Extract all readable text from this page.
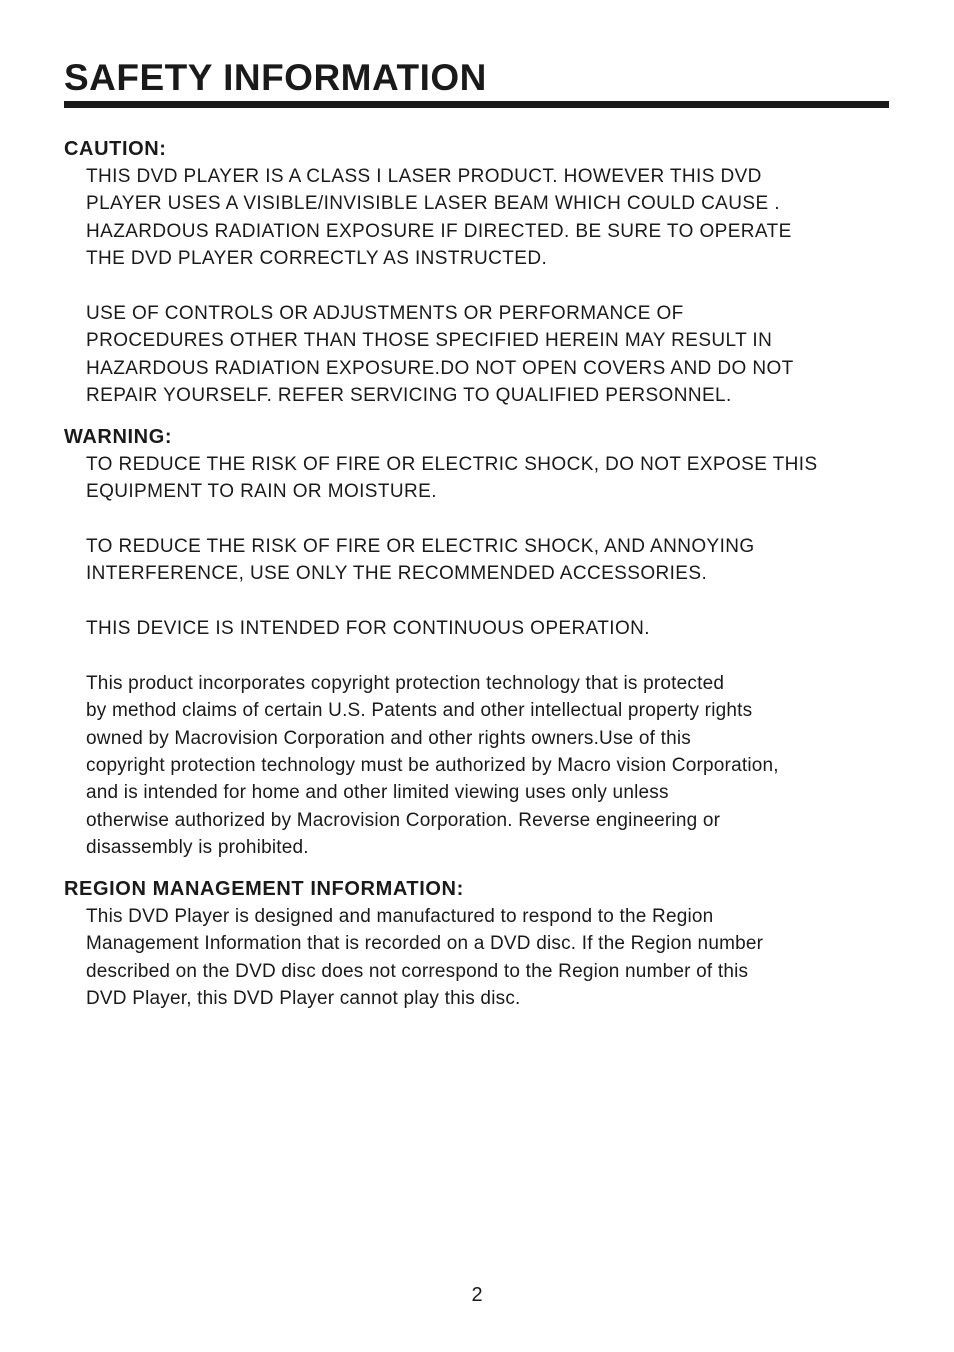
SAFETY INFORMATION
CAUTION:

THIS DVD PLAYER IS A CLASS I LASER PRODUCT. HOWEVER THIS DVD
PLAYER USES A VISIBLE/INVISIBLE LASER BEAM WHICH COULD CAUSE .
HAZARDOUS RADIATION EXPOSURE IF DIRECTED. BE SURE TO OPERATE
THE DVD PLAYER CORRECTLY AS INSTRUCTED.

USE OF CONTROLS OR ADJUSTMENTS OR PERFORMANCE OF
PROCEDURES OTHER THAN THOSE SPECIFIED HEREIN MAY RESULT IN
HAZARDOUS RADIATION EXPOSURE.DO NOT OPEN COVERS AND DO NOT
REPAIR YOURSELF. REFER SERVICING TO QUALIFIED PERSONNEL.

WARNING:

TO REDUCE THE RISK OF FIRE OR ELECTRIC SHOCK, DO NOT EXPOSE THIS
EQUIPMENT TO RAIN OR MOISTURE.

TO REDUCE THE RISK OF FIRE OR ELECTRIC SHOCK, AND ANNOYING
INTERFERENCE, USE ONLY THE RECOMMENDED ACCESSORIES.

THIS DEVICE IS INTENDED FOR CONTINUOUS OPERATION.

This product incorporates copyright protection technology that is protected
by method claims of certain U.S. Patents and other intellectual property rights
owned by Macrovision Corporation and other rights owners.Use of this
copyright protection technology must be authorized by Macro vision Corporation,
and is intended for home and other limited viewing uses only unless
otherwise authorized by Macrovision Corporation. Reverse engineering or
disassembly is prohibited.

REGION MANAGEMENT INFORMATION:

This DVD Player is designed and manufactured to respond to the Region
Management Information that is recorded on a DVD disc. If the Region number
described on the DVD disc does not correspond to the Region number of this
DVD Player, this DVD Player cannot play this disc.

2
